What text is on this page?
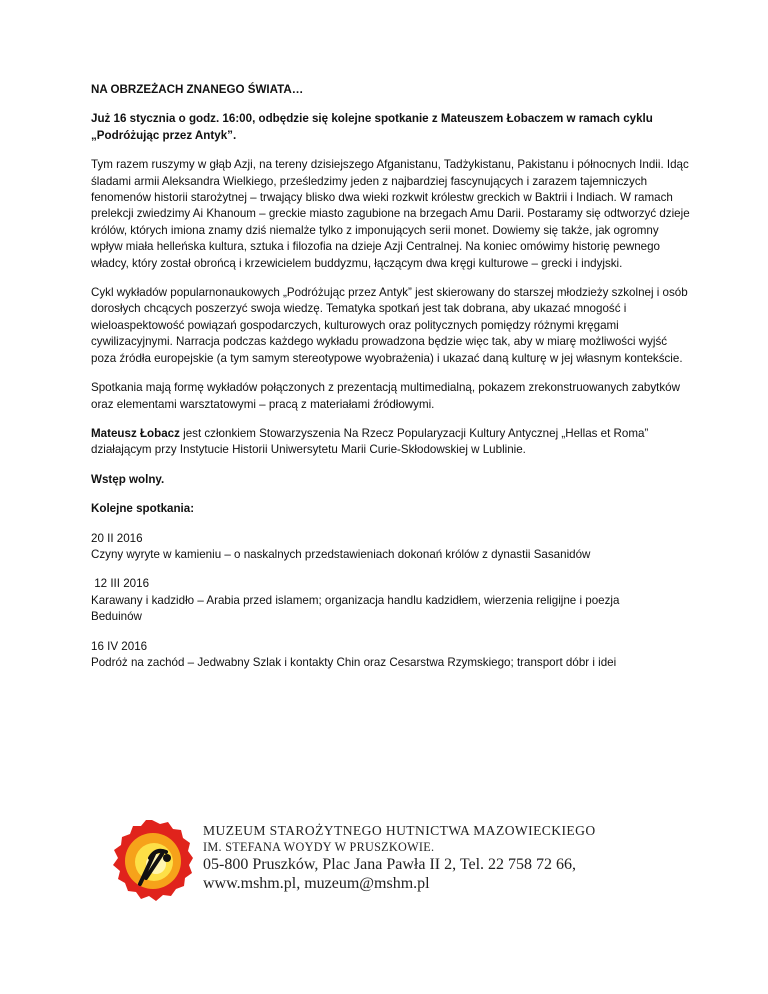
NA OBRZEŻACH ZNANEGO ŚWIATA…

Już 16 stycznia o godz. 16:00, odbędzie się kolejne spotkanie z Mateuszem Łobaczem w ramach cyklu „Podróżując przez Antyk”.

Tym razem ruszymy w głąb Azji, na tereny dzisiejszego Afganistanu, Tadżykistanu, Pakistanu i północnych Indii. Idąc śladami armii Aleksandra Wielkiego, prześledzimy jeden z najbardziej fascynujących i zarazem tajemniczych fenomenów historii starożytnej – trwający blisko dwa wieki rozkwit królestw greckich w Baktrii i Indiach. W ramach prelekcji zwiedzimy Ai Khanoum – greckie miasto zagubione na brzegach Amu Darii. Postaramy się odtworzyć dzieje królów, których imiona znamy dziś niemalże tylko z imponujących serii monet. Dowiemy się także, jak ogromny wpływ miała helleńska kultura, sztuka i filozofia na dzieje Azji Centralnej. Na koniec omówimy historię pewnego władcy, który został obrońcą i krzewicielem buddyzmu, łączącym dwa kręgi kulturowe – grecki i indyjski.

Cykl wykładów popularnonaukowych „Podróżując przez Antyk” jest skierowany do starszej młodzieży szkolnej i osób dorosłych chcących poszerzyć swoja wiedzę. Tematyka spotkań jest tak dobrana, aby ukazać mnogość i wieloaspektowość powiązań gospodarczych, kulturowych oraz politycznych pomiędzy różnymi kręgami cywilizacyjnymi. Narracja podczas każdego wykładu prowadzona będzie więc tak, aby w miarę możliwości wyjść poza źródła europejskie (a tym samym stereotypowe wyobrażenia) i ukazać daną kulturę w jej własnym kontekście.

Spotkania mają formę wykładów połączonych z prezentacją multimedialną, pokazem zrekonstruowanych zabytków oraz elementami warsztatowymi – pracą z materiałami źródłowymi.

Mateusz Łobacz jest członkiem Stowarzyszenia Na Rzecz Popularyzacji Kultury Antycznej „Hellas et Roma” działającym przy Instytucie Historii Uniwersytetu Marii Curie-Skłodowskiej w Lublinie.

Wstęp wolny.

Kolejne spotkania:

20 II 2016
Czyny wyryte w kamieniu – o naskalnych przedstawieniach dokonań królów z dynastii Sasanidów
12 III 2016
Karawany i kadzidło – Arabia przed islamem; organizacja handlu kadzidłem, wierzenia religijne i poezja Beduinów
16 IV 2016
Podróż na zachód – Jedwabny Szlak i kontakty Chin oraz Cesarstwa Rzymskiego; transport dóbr i idei
MUZEUM STAROŻYTNEGO HUTNICTWA MAZOWIECKIEGO
IM. STEFANA WOYDY W PRUSZKOWIE.
05-800 Pruszków, Plac Jana Pawła II 2, Tel. 22 758 72 66,
www.mshm.pl, muzeum@mshm.pl
